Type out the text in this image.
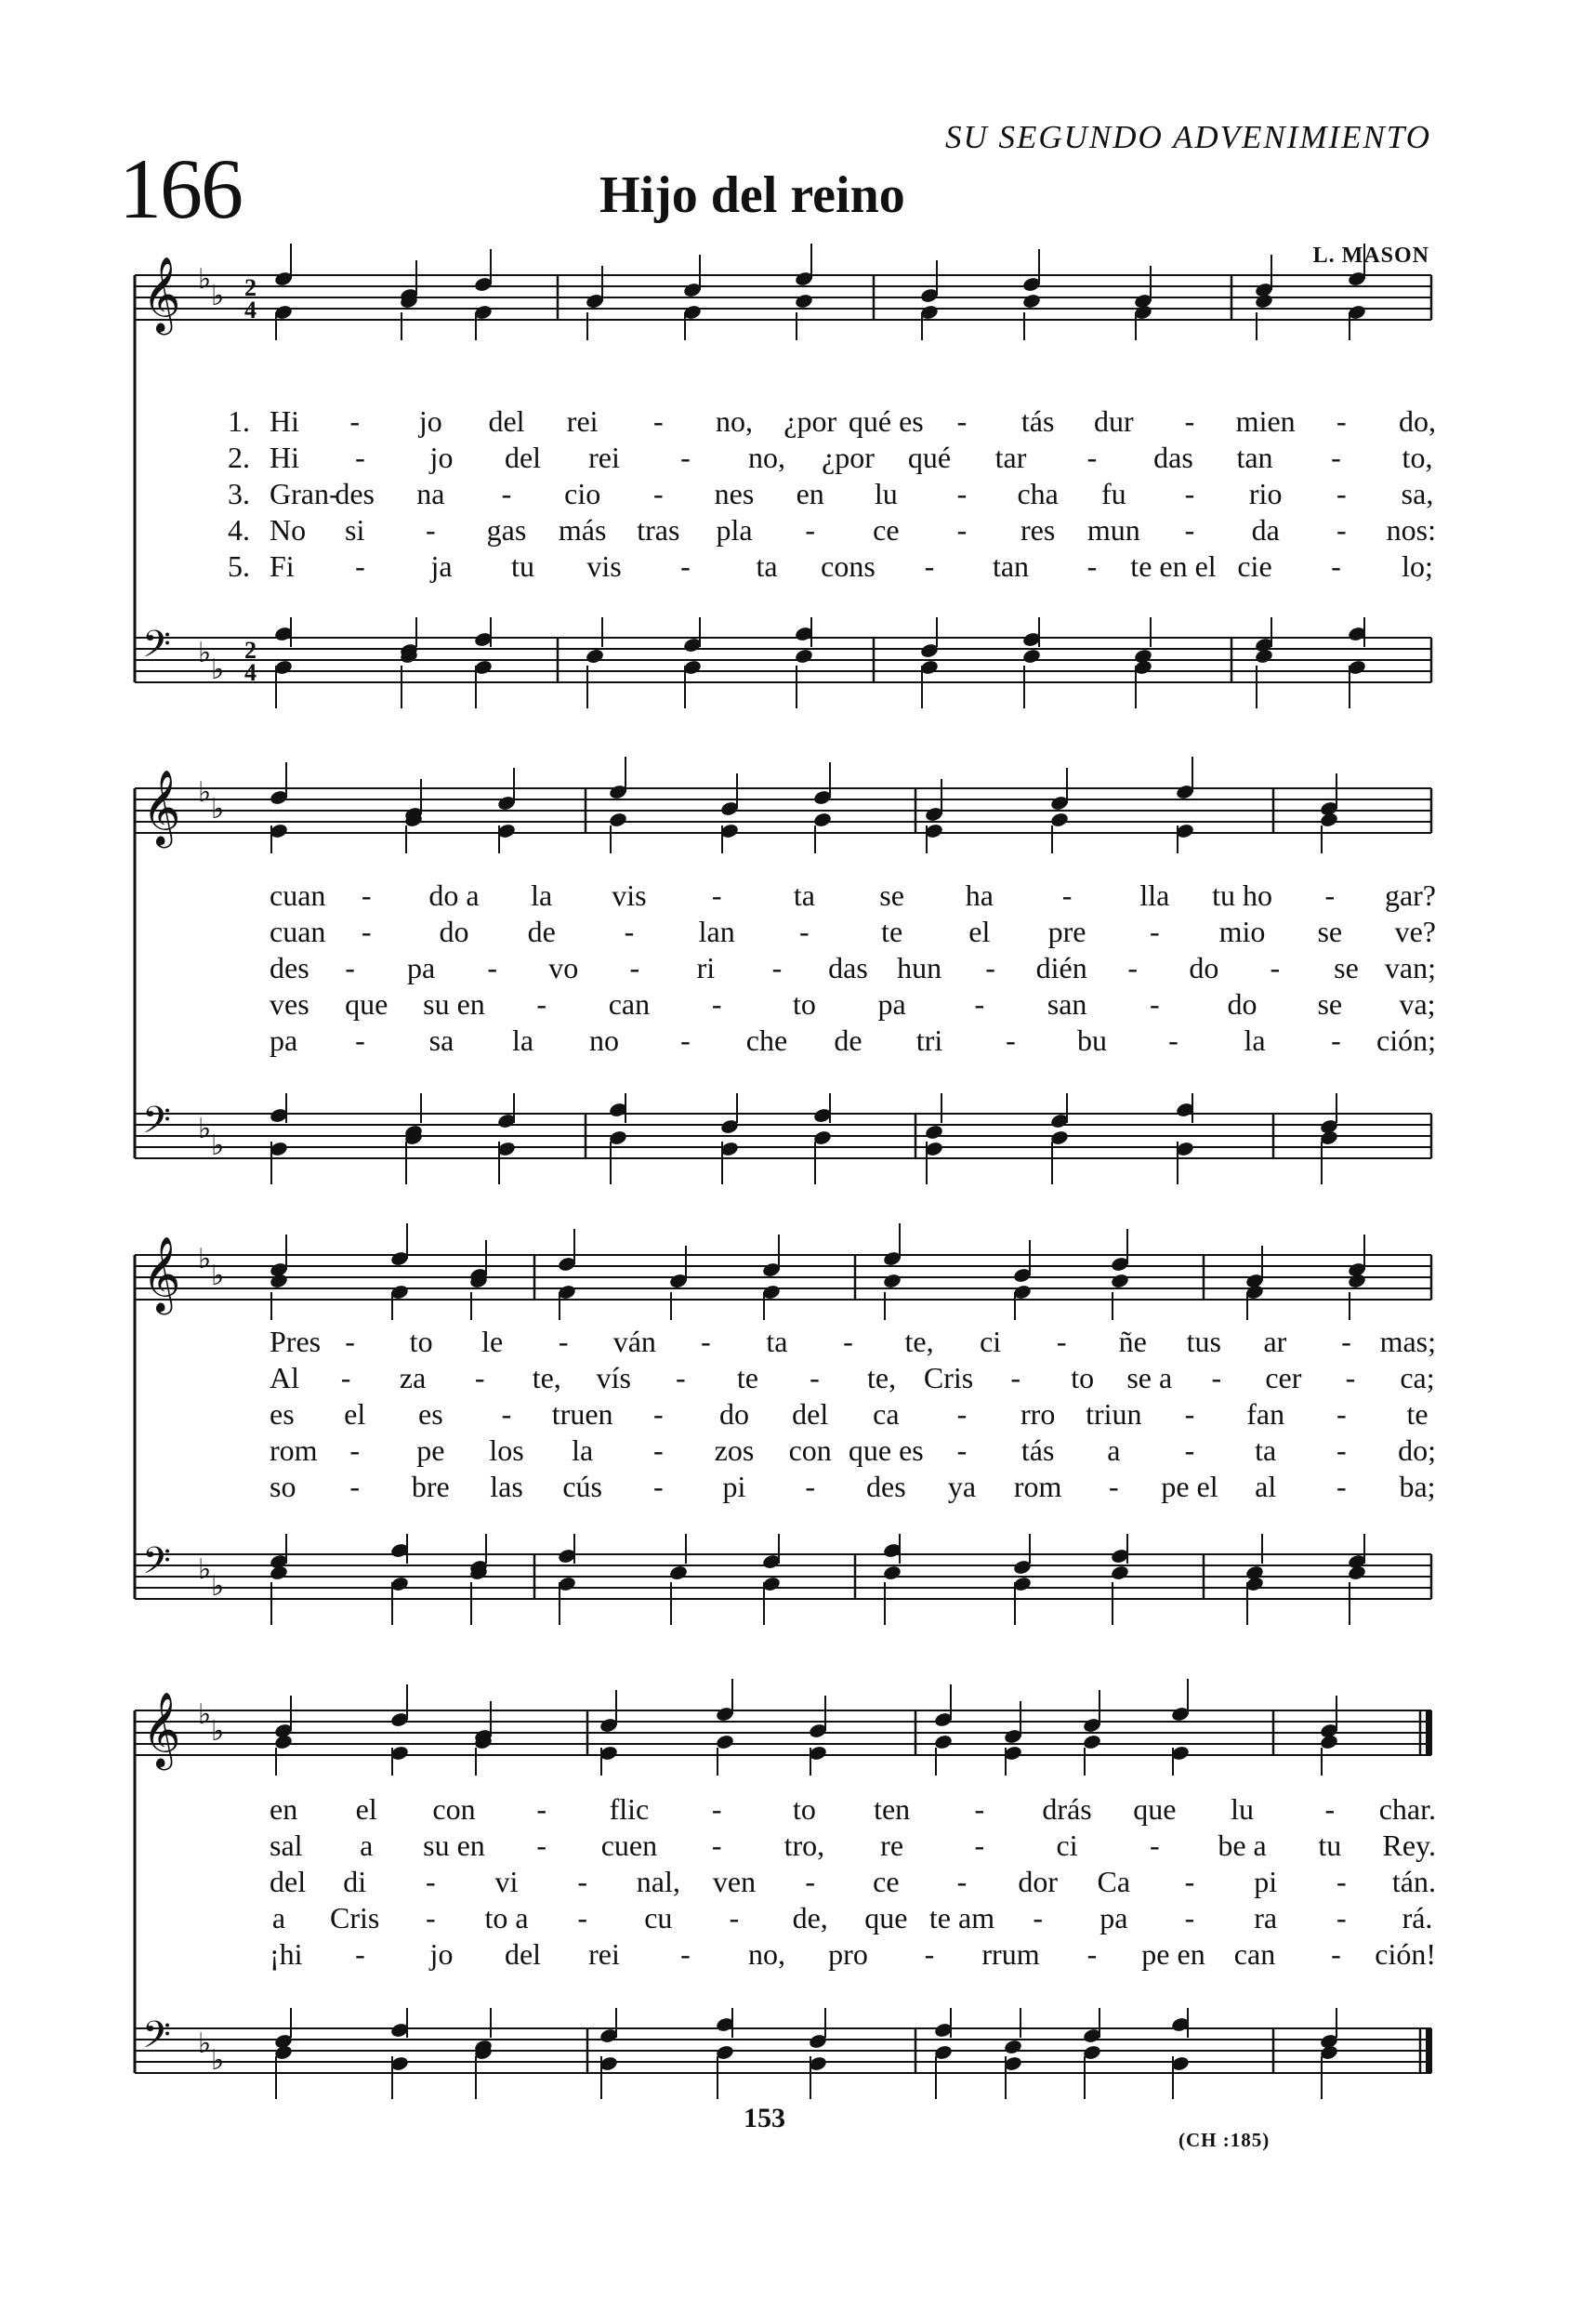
166
SU SEGUNDO ADVENIMIENTO
Hijo del reino
L. MASON
𝄞 ♭
♭ 2
4
𝄢 ♭
♭
2
4
𝄞 ♭
♭
𝄢 ♭
♭
𝄞 ♭
♭
𝄢 ♭
♭
𝄞 ♭
♭
𝄢 ♭
♭
153
(CH :185)
1. Hi - jo del rei - no, ¿por qué es - tás dur - mien - do,
2. Hi - jo del rei - no, ¿por qué tar - das tan - to,
3. Gran-
des na - cio - nes en lu - cha fu - rio - sa,
4. No si - gas más tras pla - ce - res mun - da - nos:
5. Fi - ja tu vis - ta cons - tan - te en el cie - lo;
cuan - do a la vis - ta se ha - lla tu ho - gar?
cuan - do de - lan - te el pre - mio se ve?
des - pa - vo - ri - das hun - dién - do - se van;
ves que su en - can - to pa - san - do se va;
pa - sa la no - che de tri - bu - la - ción;
Pres - to le - ván - ta - te, ci - ñe tus ar - mas;
Al - za - te, vís - te - te, Cris - to se a - cer - ca;
es el es - truen - do del ca - rro triun - fan - te
rom - pe los la - zos con que es - tás a - ta - do;
so - bre las cús - pi - des ya rom - pe el al - ba;
en el con - flic - to ten - drás que lu - char.
sal a su en - cuen - tro, re - ci - be a tu Rey.
del di - vi - nal, ven - ce - dor Ca - pi - tán.
a Cris - to a - cu - de, que te am - pa - ra - rá.
¡hi - jo del rei - no, pro - rrum - pe en can - ción!
